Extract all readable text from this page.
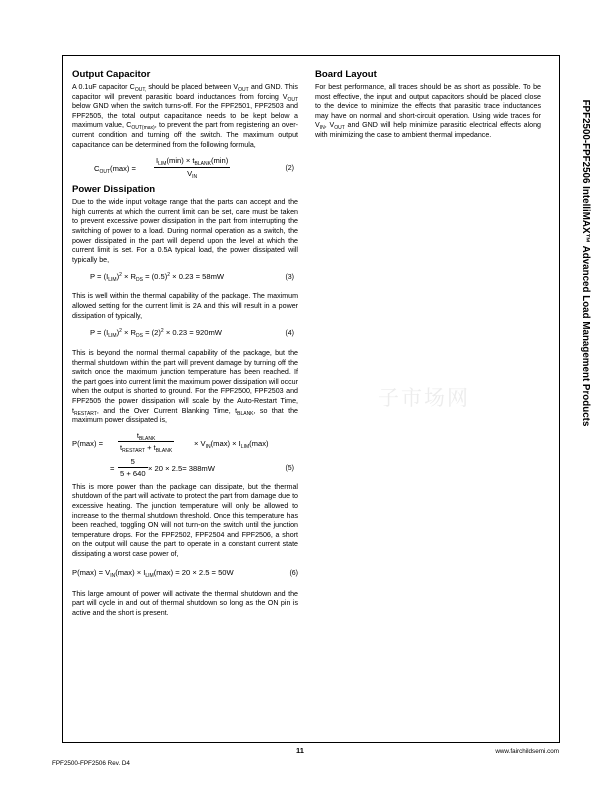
子市场网
Output Capacitor

A 0.1uF capacitor $C_{OUT,}$ should be placed between $V_{OUT}$ and GND. This capacitor will prevent parasitic board inductances from forcing $V_{OUT}$ below GND when the switch turns-off. For the FPF2501, FPF2503 and FPF2505, the total output capacitance needs to be kept below a maximum value, $C_{OUT(max)}$, to prevent the part from registering an over-current condition and turning off the switch. The maximum output capacitance can be determined from the following formula,

$C_{OUT}(\max)$ =
$I_{LIM}(\min) \times t_{BLANK}(\min)$
$V_{IN}$
(2)
Power Dissipation

Due to the wide input voltage range that the parts can accept and the high currents at which the current limit can be set, care must be taken to prevent excessive power dissipation in the part from interrupting the switching of power to a load. During normal operation as a switch, the power dissipated in the part will depend upon the level at which the current limit is set. For a 0.5A typical load, the power dissipated will typically be,

$P = (I_{LIM})^2 \times R_{DS} = (0.5)^2 \times 0.23 = 58mW$	(3)

This is well within the thermal capability of the package. The maximum allowed setting for the current limit is 2A and this will result in a power dissipation of typically,

$P = (I_{LIM})^2 \times R_{DS} = (2)^2 \times 0.23 = 920mW$	(4)

This is beyond the normal thermal capability of the package, but the thermal shutdown within the part will prevent damage by turning off the switch once the maximum junction temperature has been reached. If the part goes into current limit the maximum power dissipation will occur when the output is shorted to ground. For the FPF2500, FPF2503 and FPF2505 the power dissipation will scale by the Auto-Restart Time, $t_{RESTART}$, and the Over Current Blanking Time, $t_{BLANK}$, so that the maximum power dissipated is,

P(max) =
$t_{BLANK}$
$t_{RESTART} + t_{BLANK}$
× $V_{IN}(\max) \times I_{LIM}(\max)$
= $\frac{5}{5 + 640} \times 20 \times 2.5= 388mW$	(5)

This is more power than the package can dissipate, but the thermal shutdown of the part will activate to protect the part from damage due to excessive heating. The junction temperature will only be allowed to increase to the thermal shutdown threshold. Once this temperature has been reached, toggling ON will not turn-on the switch until the junction temperature drops. For the FPF2502, FPF2504 and FPF2506, a short on the output will cause the part to operate in a constant current state dissipating a worst case power of,

$P(\max) = V_{IN}(\max) \times I_{LIM}(\max) = 20 \times 2.5 = 50W$	(6)

This large amount of power will activate the thermal shutdown and the part will cycle in and out of thermal shutdown so long as the ON pin is active and the short is present.

Board Layout

For best performance, all traces should be as short as possible. To be most effective, the input and output capacitors should be placed close to the device to minimize the effects that parasitic trace inductances may have on normal and short-circuit operation. Using wide traces for $V_{IN}$, $V_{OUT}$ and GND will help minimize parasitic electrical effects along with minimizing the case to ambient thermal impedance.	FPF2500-FPF2506 IntelliMAX™ Advanced Load Management Products
11	www.fairchildsemi.com
FPF2500-FPF2506 Rev. D4
